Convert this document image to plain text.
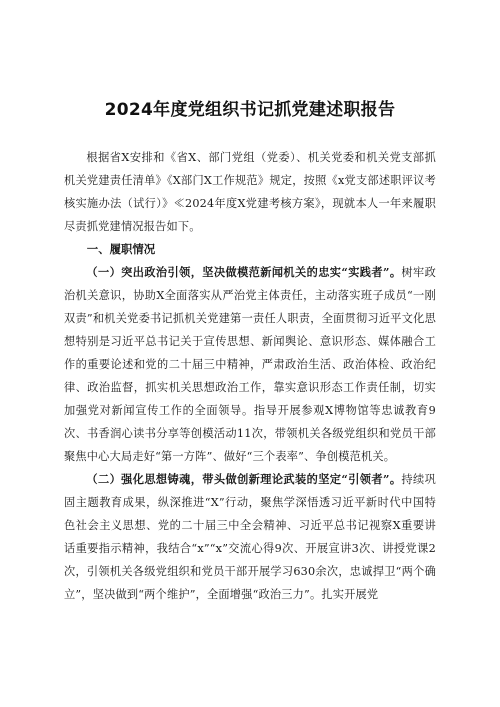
2024年度党组织书记抓党建述职报告

根据省X安排和《省X、部门党组（党委）、机关党委和机关党支部抓机关党建责任清单》《X部门X工作规范》规定，按照《x党支部述职评议考核实施办法（试行）》≪2024年度X党建考核方案》，现就本人一年来履职尽责抓党建情况报告如下。

一、履职情况

（一）突出政治引领，坚决做模范新闻机关的忠实“实践者”。树牢政治机关意识，协助X全面落实从严治党主体责任，主动落实班子成员“一刚双责”和机关党委书记抓机关党建第一责任人职责，全面贯彻习近平文化思想特别是习近平总书记关于宣传思想、新闻舆论、意识形态、媒体融合工作的重要论述和党的二十届三中精神，严肃政治生活、政治体检、政治纪律、政治监督，抓实机关思想政治工作，靠实意识形态工作责任制，切实加强党对新闻宣传工作的全面领导。指导开展参观X博物馆等忠诚教育9次、书香润心读书分享等创模活动11次，带领机关各级党组织和党员干部聚焦中心大局走好“第一方阵”、做好“三个表率”、争创模范机关。

（二）强化思想铸魂，带头做创新理论武装的坚定“引领者”。持续巩固主题教育成果，纵深推进“X”行动，聚焦学深悟透习近平新时代中国特色社会主义思想、党的二十届三中全会精神、习近平总书记视察X重要讲话重要指示精神，我结合“x”“x”交流心得9次、开展宣讲3次、讲授党课2次，引领机关各级党组织和党员干部开展学习630余次，忠诚捍卫“两个确立”，坚决做到“两个维护”，全面增强“政治三力”。扎实开展党
